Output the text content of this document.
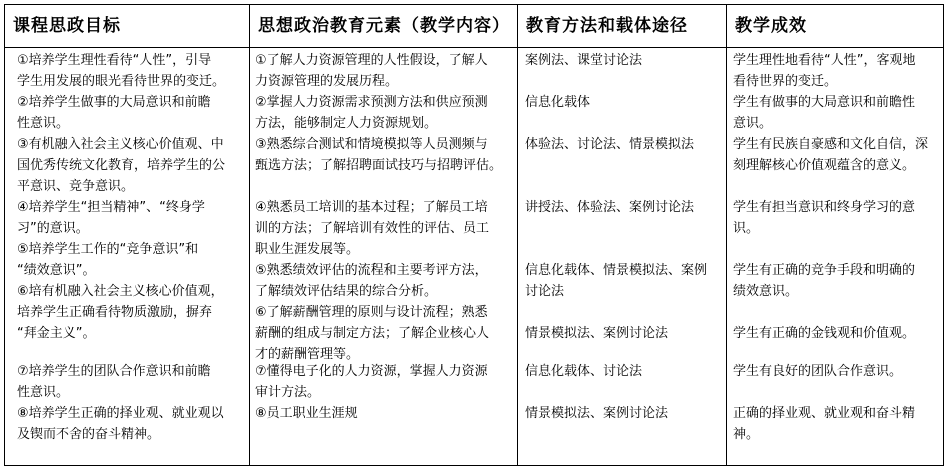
课程思政目标	思想政治教育元素（教学内容） 教育方法和载体途径	教学成效
①培养学生理性看待“人性”，引导
学生用发展的眼光看待世界的变迁。
②培养学生做事的大局意识和前瞻
性意识。
③有机融入社会主义核心价值观、中
国优秀传统文化教育，培养学生的公
平意识、竞争意识。
④培养学生“担当精神”、“终身学
习”的意识。
⑤培养学生工作的“竞争意识”和
“绩效意识”。
⑥培有机融入社会主义核心价值观，
培养学生正确看待物质激励，摒弃
“拜金主义”。
⑦培养学生的团队合作意识和前瞻
性意识。
⑧培养学生正确的择业观、就业观以
及锲而不舍的奋斗精神。
①了解人力资源管理的人性假设，了解人
力资源管理的发展历程。
②掌握人力资源需求预测方法和供应预测
方法，能够制定人力资源规划。
③熟悉综合测试和情境模拟等人员测频与
甄选方法；了解招聘面试技巧与招聘评估。
④熟悉员工培训的基本过程；了解员工培
训的方法；了解培训有效性的评估、员工
职业生涯发展等。
⑤熟悉绩效评估的流程和主要考评方法，
了解绩效评估结果的综合分析。
⑥了解薪酬管理的原则与设计流程；熟悉
薪酬的组成与制定方法；了解企业核心人
才的薪酬管理等。
⑦懂得电子化的人力资源，掌握人力资源
审计方法。
⑧员工职业生涯规
案例法、课堂讨论法
信息化载体
体验法、讨论法、情景模拟法
讲授法、体验法、案例讨论法
信息化载体、情景模拟法、案例
讨论法
情景模拟法、案例讨论法
信息化载体、讨论法
情景模拟法、案例讨论法
学生理性地看待“人性”，客观地
看待世界的变迁。
学生有做事的大局意识和前瞻性
意识。
学生有民族自豪感和文化自信，深
刻理解核心价值观蕴含的意义。
学生有担当意识和终身学习的意
识。
学生有正确的竞争手段和明确的
绩效意识。
学生有正确的金钱观和价值观。
学生有良好的团队合作意识。
正确的择业观、就业观和奋斗精
神。
